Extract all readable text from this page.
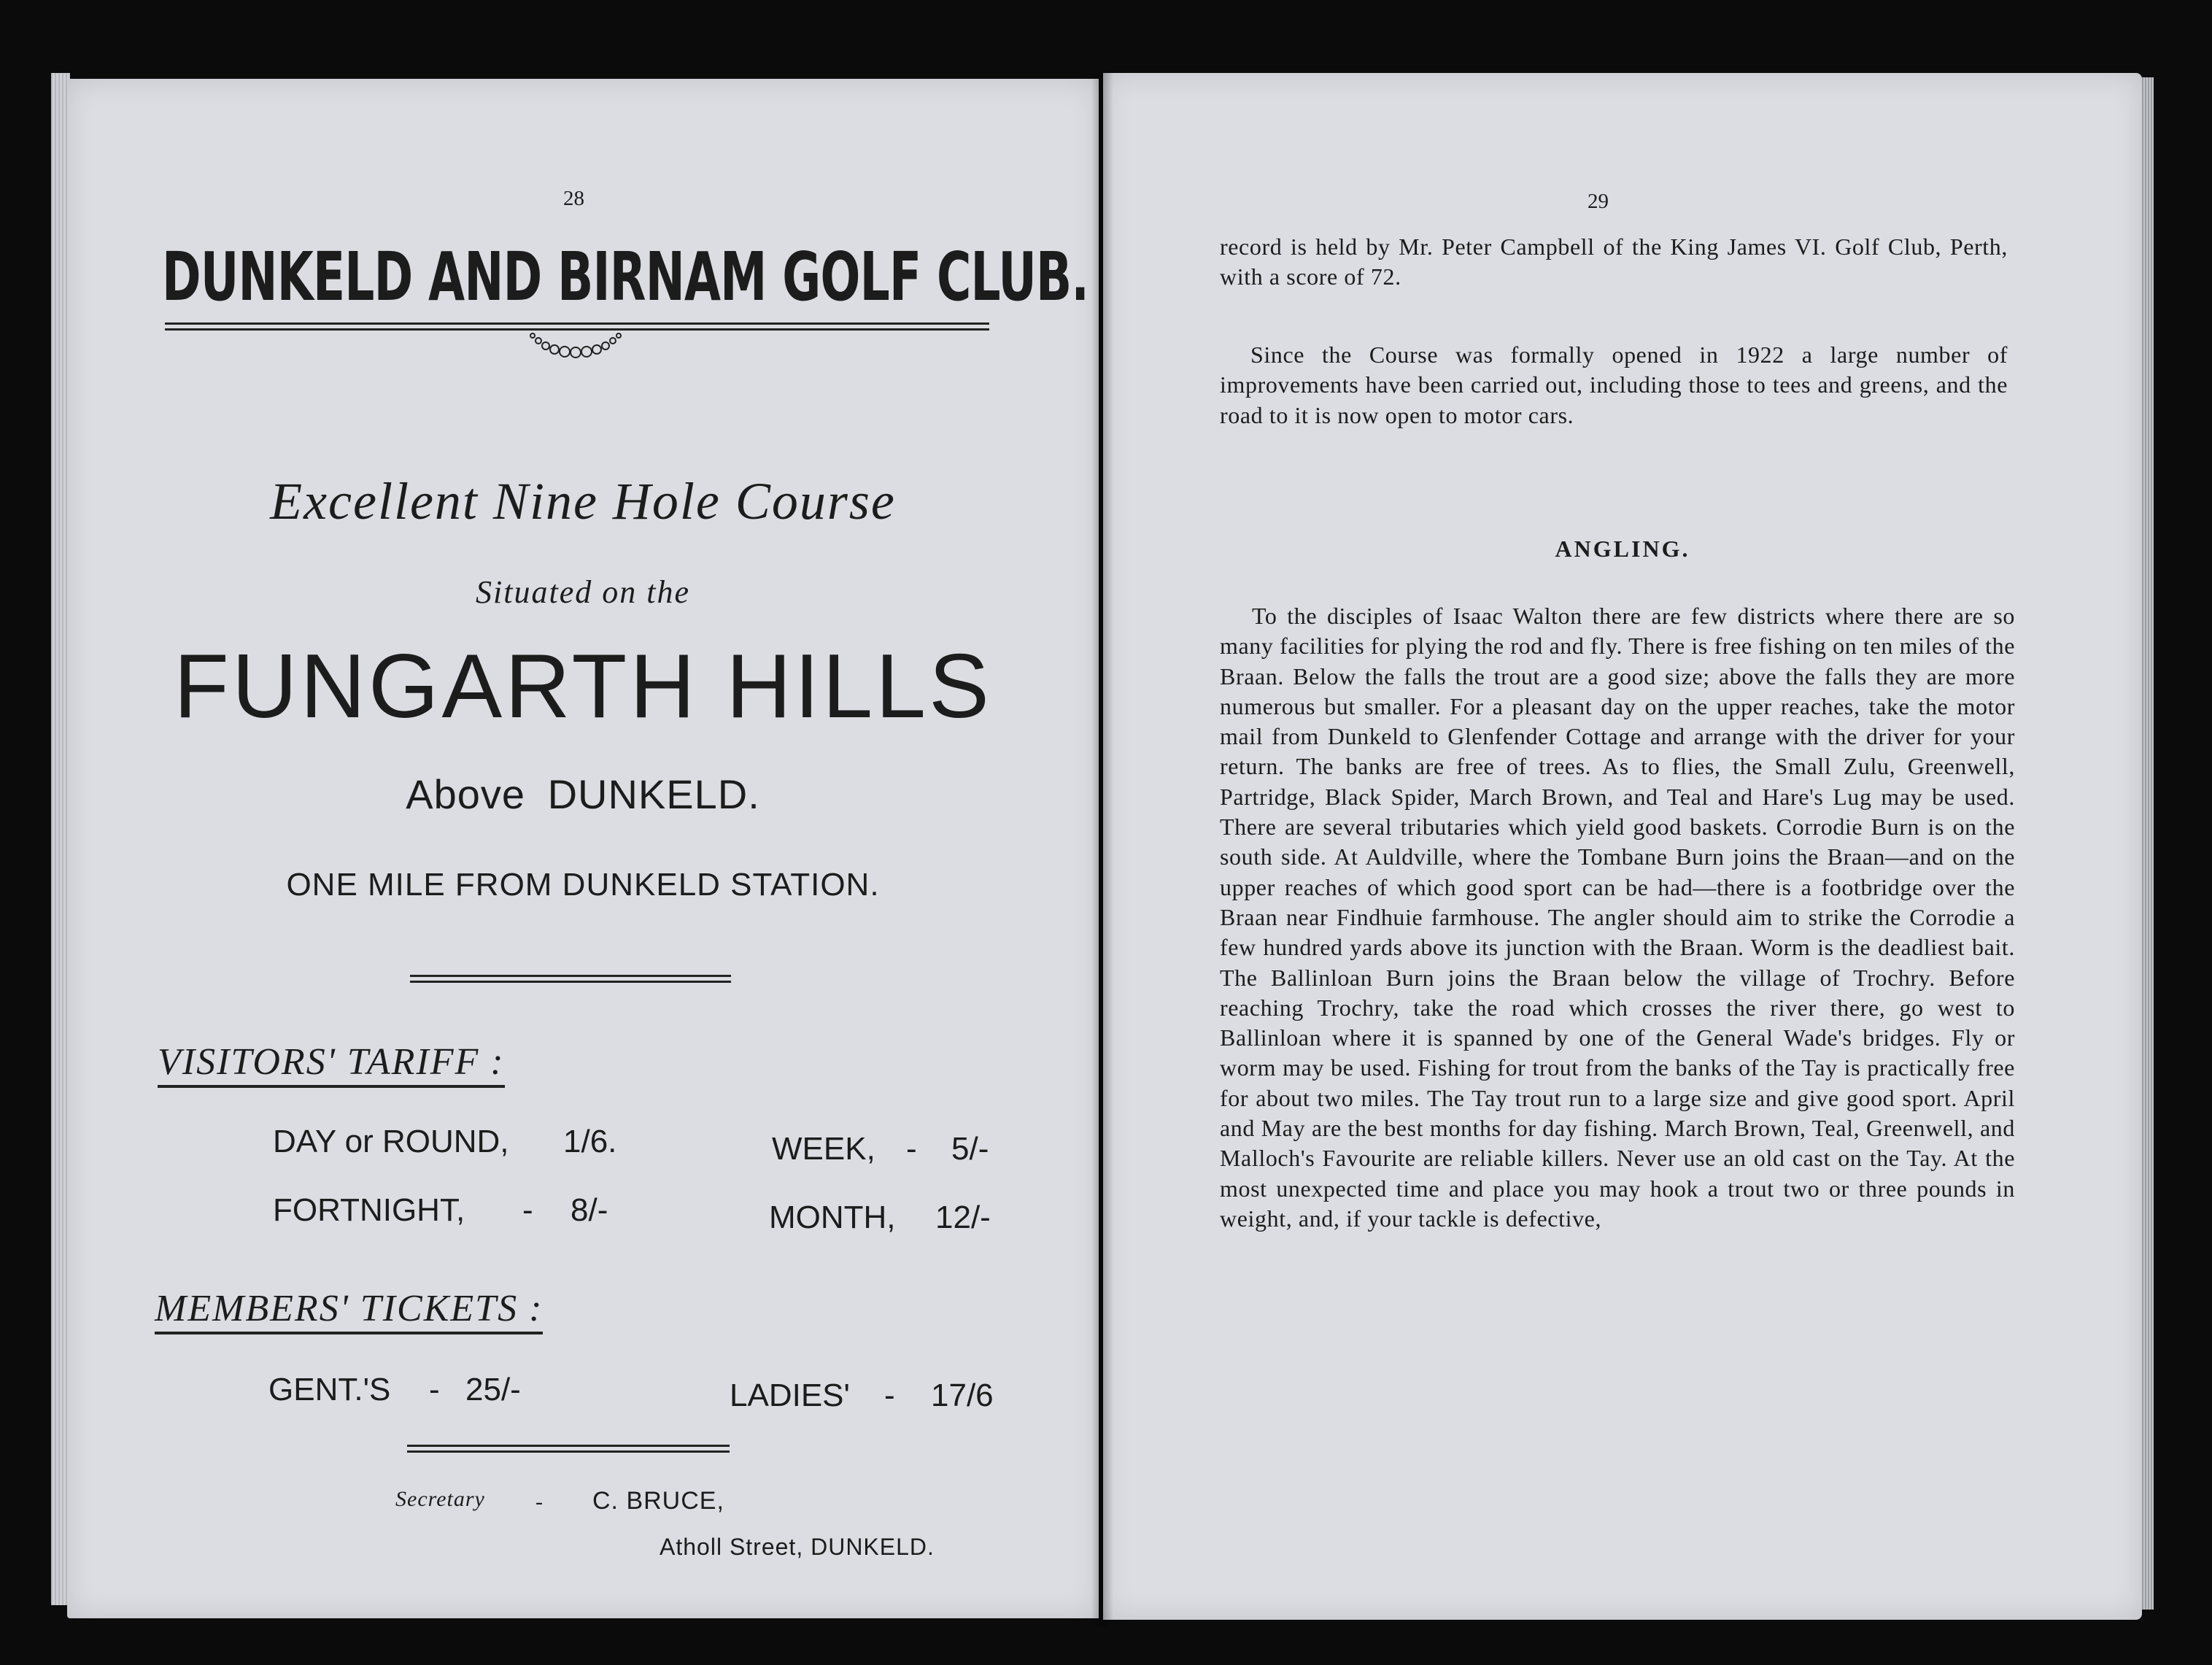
28
DUNKELD AND BIRNAM GOLF CLUB.
Excellent Nine Hole Course
Situated on the
FUNGARTH HILLS
Above DUNKELD.
ONE MILE FROM DUNKELD STATION.
VISITORS' TARIFF :
DAY or ROUND, 1/6.	WEEK, - 5/-
FORTNIGHT, - 8/-	MONTH, 12/-
MEMBERS' TICKETS :
GENT.'S - 25/-	LADIES' - 17/6
Secretary - C. BRUCE,
Atholl Street, DUNKELD.
29

record is held by Mr. Peter Campbell of the King James VI. Golf Club, Perth, with a score of 72.

Since the Course was formally opened in 1922 a large number of improvements have been carried out, including those to tees and greens, and the road to it is now open to motor cars.

ANGLING.

To the disciples of Isaac Walton there are few districts where there are so many facilities for plying the rod and fly. There is free fishing on ten miles of the Braan. Below the falls the trout are a good size; above the falls they are more numerous but smaller. For a pleasant day on the upper reaches, take the motor mail from Dunkeld to Glenfender Cottage and arrange with the driver for your return. The banks are free of trees. As to flies, the Small Zulu, Greenwell, Partridge, Black Spider, March Brown, and Teal and Hare's Lug may be used. There are several tributaries which yield good baskets. Corrodie Burn is on the south side. At Auldville, where the Tombane Burn joins the Braan—and on the upper reaches of which good sport can be had—there is a footbridge over the Braan near Findhuie farmhouse. The angler should aim to strike the Corrodie a few hundred yards above its junction with the Braan. Worm is the deadliest bait. The Ballinloan Burn joins the Braan below the village of Trochry. Before reaching Trochry, take the road which crosses the river there, go west to Ballinloan where it is spanned by one of the General Wade's bridges. Fly or worm may be used. Fishing for trout from the banks of the Tay is practically free for about two miles. The Tay trout run to a large size and give good sport. April and May are the best months for day fishing. March Brown, Teal, Greenwell, and Malloch's Favourite are reliable killers. Never use an old cast on the Tay. At the most unexpected time and place you may hook a trout two or three pounds in weight, and, if your tackle is defective,
